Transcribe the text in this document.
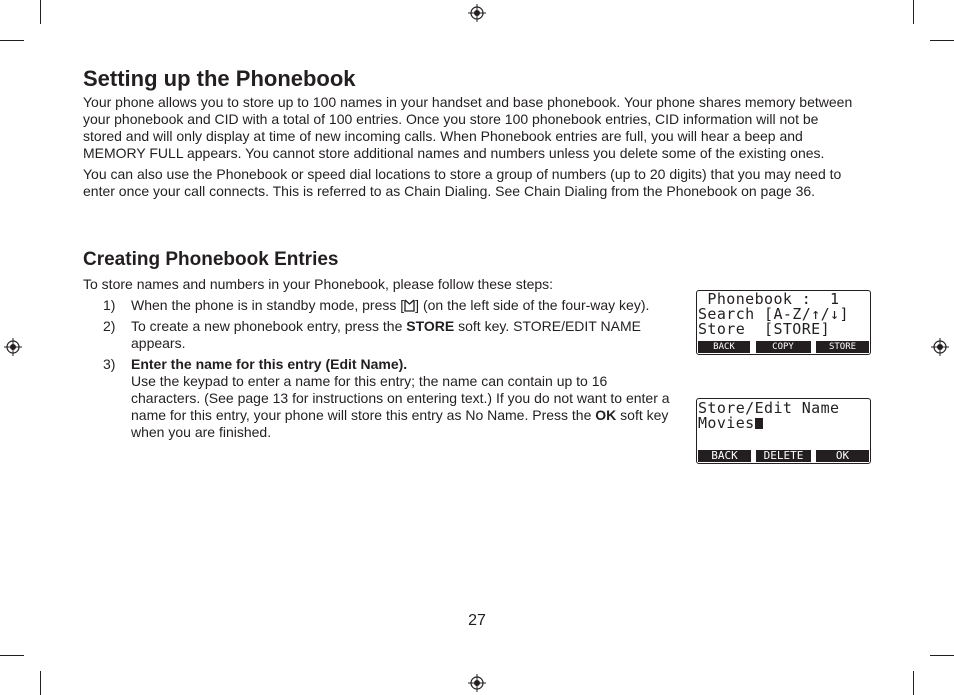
Setting up the Phonebook

Your phone allows you to store up to 100 names in your handset and base phonebook. Your phone shares memory between your phonebook and CID with a total of 100 entries. Once you store 100 phonebook entries, CID information will not be stored and will only display at time of new incoming calls. When Phonebook entries are full, you will hear a beep and MEMORY FULL appears. You cannot store additional names and numbers unless you delete some of the existing ones.

You can also use the Phonebook or speed dial locations to store a group of numbers (up to 20 digits) that you may need to enter once your call connects. This is referred to as Chain Dialing. See Chain Dialing from the Phonebook on page 36.

Creating Phonebook Entries

To store names and numbers in your Phonebook, please follow these steps:

1)	When the phone is in standby mode, press [ ] (on the left side of the four-way key).
2)	To create a new phonebook entry, press the STORE soft key. STORE/EDIT NAME appears.
3)	Enter the name for this entry (Edit Name).
Use the keypad to enter a name for this entry; the name can contain up to 16 characters. (See page 13 for instructions on entering text.) If you do not want to enter a name for this entry, your phone will store this entry as No Name. Press the OK soft key when you are finished.
Phonebook :  1
Search [A-Z/↑/↓]
Store  [STORE]
BACK	COPY	STORE
Store/Edit Name
Movies
BACK	DELETE	OK
27
